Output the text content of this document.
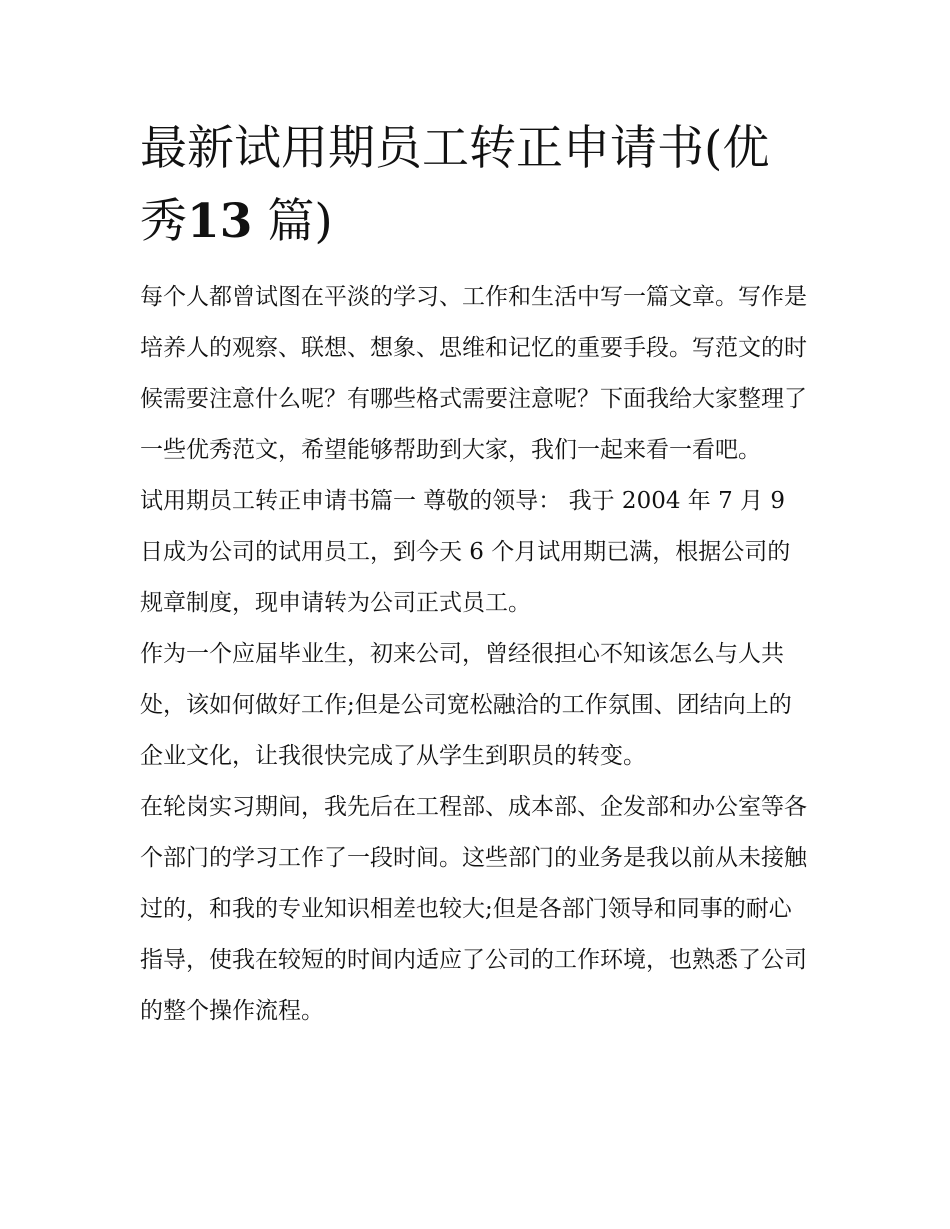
最新试用期员工转正申请书(优秀13 篇)

每个人都曾试图在平淡的学习、工作和生活中写一篇文章。写作是培养人的观察、联想、想象、思维和记忆的重要手段。写范文的时候需要注意什么呢？有哪些格式需要注意呢？下面我给大家整理了一些优秀范文，希望能够帮助到大家，我们一起来看一看吧。

试用期员工转正申请书篇一 尊敬的领导： 我于 2004 年 7 月 9 日成为公司的试用员工，到今天 6 个月试用期已满，根据公司的规章制度，现申请转为公司正式员工。

作为一个应届毕业生，初来公司，曾经很担心不知该怎么与人共处，该如何做好工作;但是公司宽松融洽的工作氛围、团结向上的企业文化，让我很快完成了从学生到职员的转变。

在轮岗实习期间，我先后在工程部、成本部、企发部和办公室等各个部门的学习工作了一段时间。这些部门的业务是我以前从未接触过的，和我的专业知识相差也较大;但是各部门领导和同事的耐心指导，使我在较短的时间内适应了公司的工作环境，也熟悉了公司的整个操作流程。
